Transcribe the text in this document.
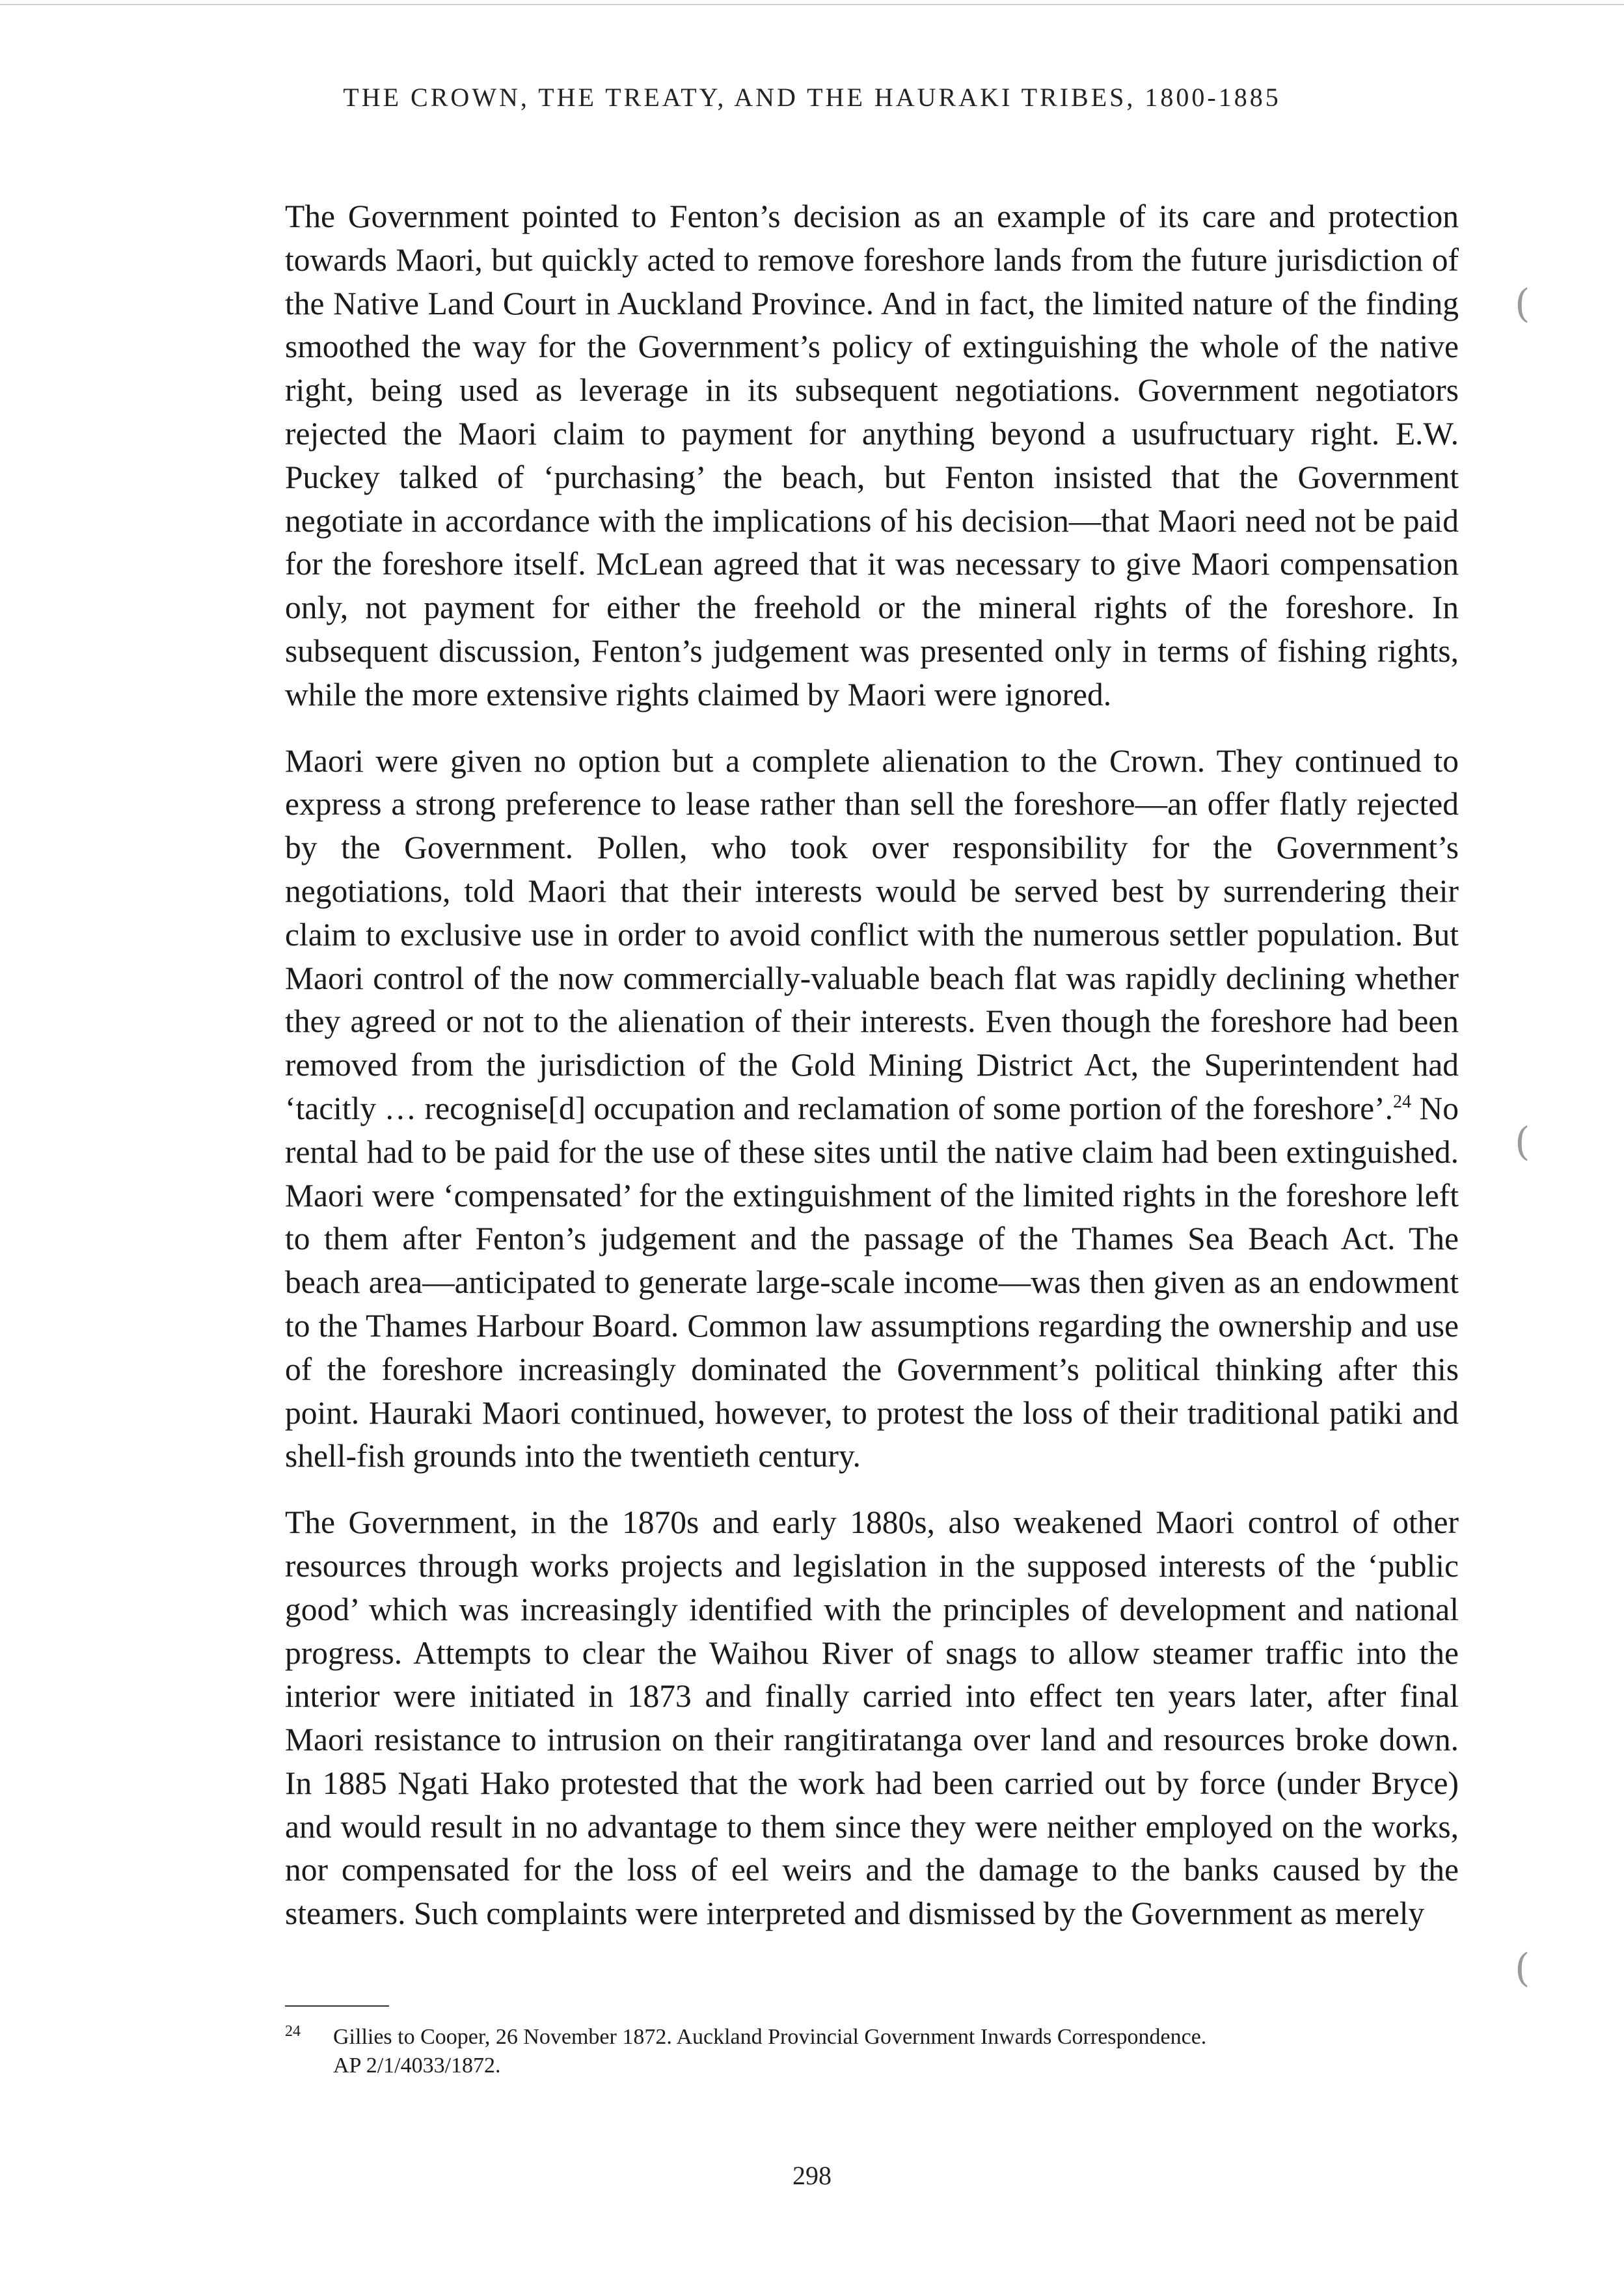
THE CROWN, THE TREATY, AND THE HAURAKI TRIBES, 1800-1885

The Government pointed to Fenton’s decision as an example of its care and protection towards Maori, but quickly acted to remove foreshore lands from the future jurisdiction of the Native Land Court in Auckland Province. And in fact, the limited nature of the finding smoothed the way for the Government’s policy of extinguishing the whole of the native right, being used as leverage in its subsequent negotiations. Government negotiators rejected the Maori claim to payment for anything beyond a usufructuary right. E.W. Puckey talked of ‘purchasing’ the beach, but Fenton insisted that the Government negotiate in accordance with the implications of his decision—that Maori need not be paid for the foreshore itself. McLean agreed that it was necessary to give Maori compensation only, not payment for either the freehold or the mineral rights of the foreshore. In subsequent discussion, Fenton’s judgement was presented only in terms of fishing rights, while the more extensive rights claimed by Maori were ignored.

Maori were given no option but a complete alienation to the Crown. They continued to express a strong preference to lease rather than sell the foreshore—an offer flatly rejected by the Government. Pollen, who took over responsibility for the Government’s negotiations, told Maori that their interests would be served best by surrendering their claim to exclusive use in order to avoid conflict with the numerous settler population. But Maori control of the now commercially-valuable beach flat was rapidly declining whether they agreed or not to the alienation of their interests. Even though the foreshore had been removed from the jurisdiction of the Gold Mining District Act, the Superintendent had ‘tacitly … recognise[d] occupation and reclamation of some portion of the foreshore’.$^{24}$ No rental had to be paid for the use of these sites until the native claim had been extinguished. Maori were ‘compensated’ for the extinguishment of the limited rights in the foreshore left to them after Fenton’s judgement and the passage of the Thames Sea Beach Act. The beach area—anticipated to generate large-scale income—was then given as an endowment to the Thames Harbour Board. Common law assumptions regarding the ownership and use of the foreshore increasingly dominated the Government’s political thinking after this point. Hauraki Maori continued, however, to protest the loss of their traditional patiki and shell-fish grounds into the twentieth century.

The Government, in the 1870s and early 1880s, also weakened Maori control of other resources through works projects and legislation in the supposed interests of the ‘public good’ which was increasingly identified with the principles of development and national progress. Attempts to clear the Waihou River of snags to allow steamer traffic into the interior were initiated in 1873 and finally carried into effect ten years later, after final Maori resistance to intrusion on their rangitiratanga over land and resources broke down. In 1885 Ngati Hako protested that the work had been carried out by force (under Bryce) and would result in no advantage to them since they were neither employed on the works, nor compensated for the loss of eel weirs and the damage to the banks caused by the steamers. Such complaints were interpreted and dismissed by the Government as merely

24 Gillies to Cooper, 26 November 1872. Auckland Provincial Government Inwards Correspondence.
AP 2/1/4033/1872.
298
(
(
(
